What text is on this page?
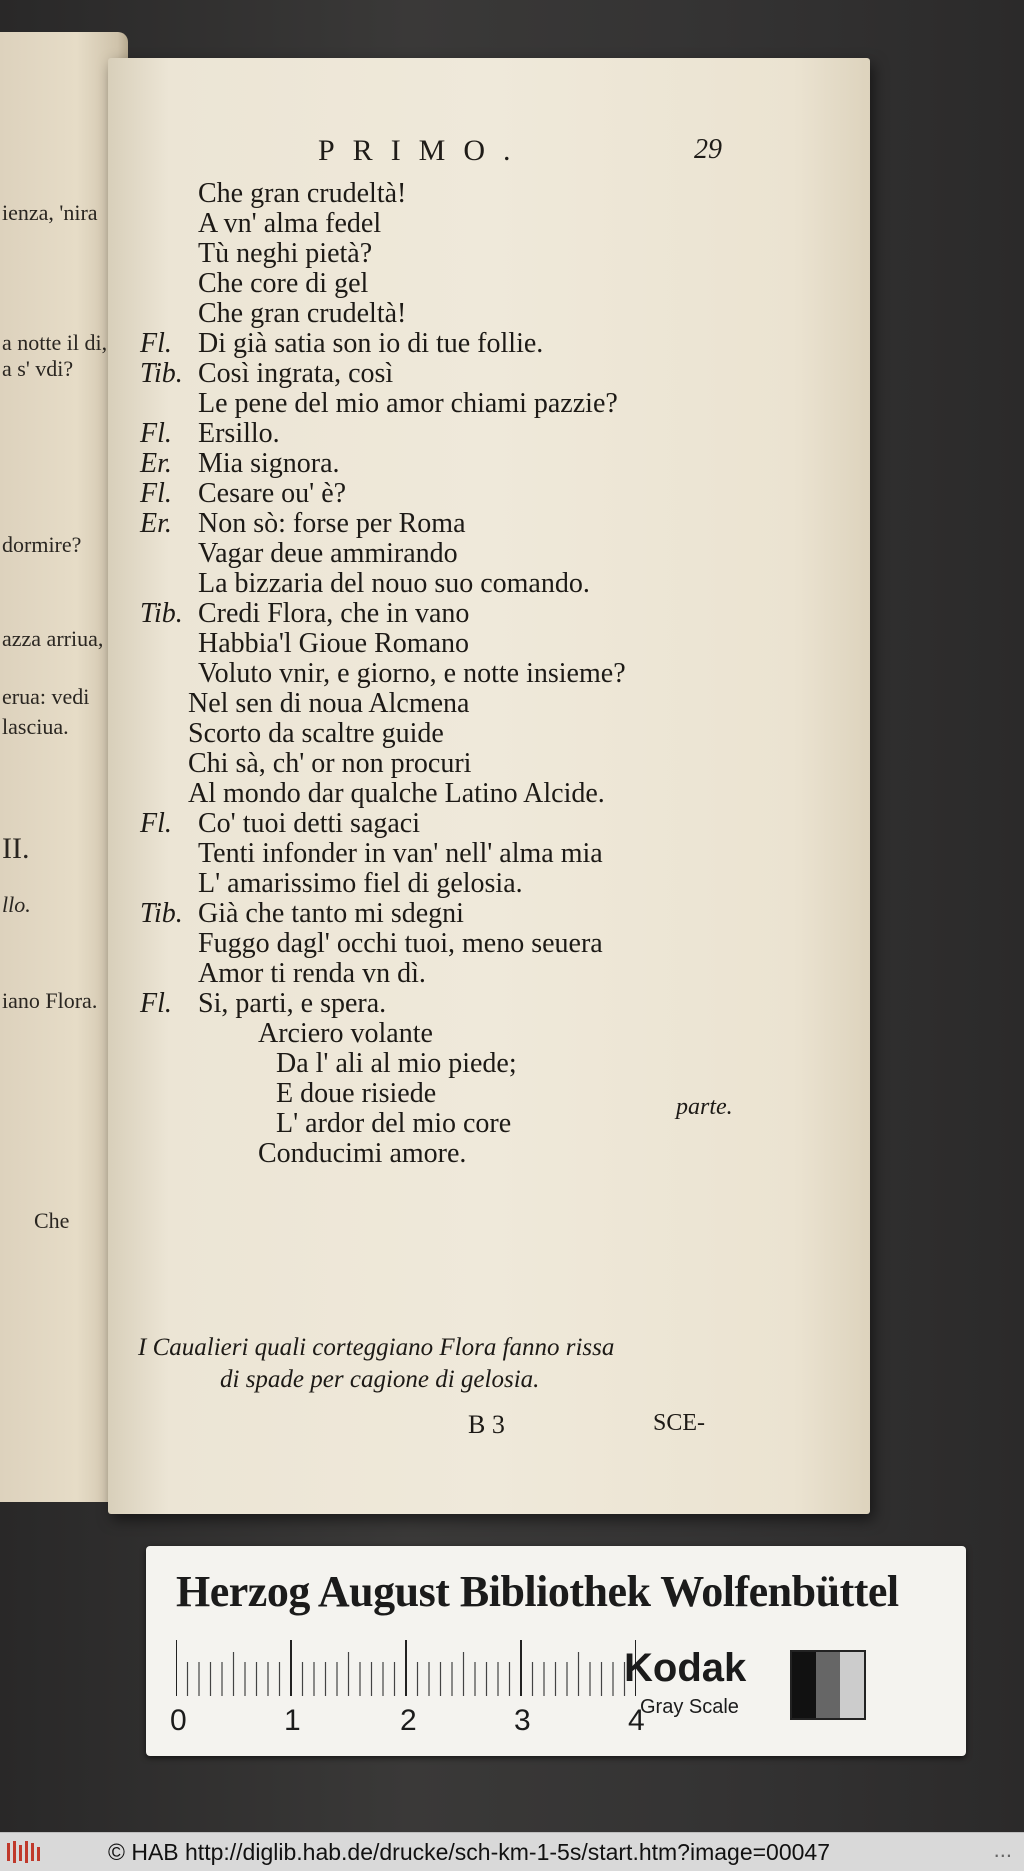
ienza, 'nira
a notte il di,
a s' vdi?
dormire?
azza arriua,
erua: vedi
lasciua.
II.
llo.
iano Flora.
Che
PRIMO.	29
Che gran crudeltà!
A vn' alma fedel
Tù neghi pietà?
Che core di gel
Che gran crudeltà!
Fl. Di già satia son io di tue follie.
Tib. Così ingrata, così
Le pene del mio amor chiami pazzie?
Fl. Ersillo.
Er. Mia signora.
Fl. Cesare ou' è?
Er. Non sò: forse per Roma
Vagar deue ammirando
La bizzaria del nouo suo comando.
Tib. Credi Flora, che in vano
Habbia'l Gioue Romano
Voluto vnir, e giorno, e notte insieme?
Nel sen di noua Alcmena
Scorto da scaltre guide
Chi sà, ch' or non procuri
Al mondo dar qualche Latino Alcide.
Fl. Co' tuoi detti sagaci
Tenti infonder in van' nell' alma mia
L' amarissimo fiel di gelosia.
Tib. Già che tanto mi sdegni
Fuggo dagl' occhi tuoi, meno seuera
Amor ti renda vn dì.
Fl. Si, parti, e spera.
Arciero volante
Da l' ali al mio piede;
E doue risiede
L' ardor del mio core
Conducimi amore.
parte.
I Caualieri quali corteggiano Flora fanno rissa
di spade per cagione di gelosia.
B 3	SCE-
Herzog August Bibliothek Wolfenbüttel
0	1	2	3	4
Kodak
Gray Scale
© HAB http://diglib.hab.de/drucke/sch-km-1-5s/start.htm?image=00047	...
